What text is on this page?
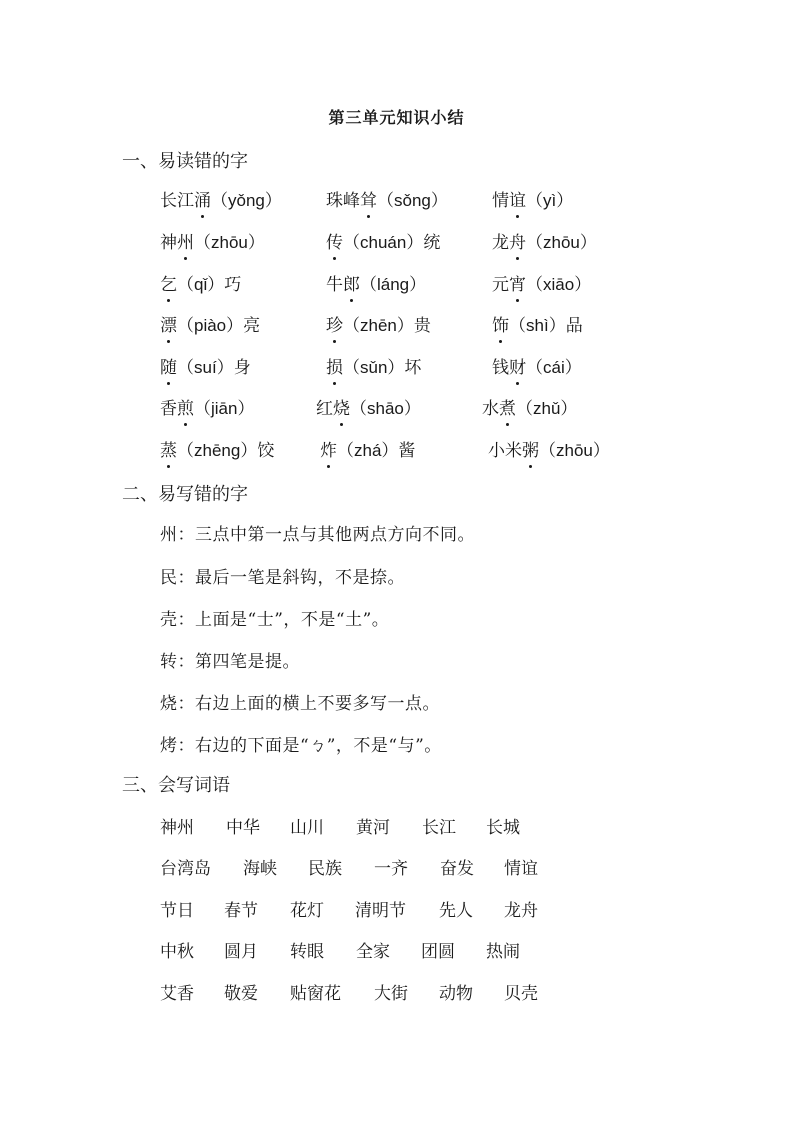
第三单元知识小结
一、易读错的字
长江涌（yǒng）	珠峰耸（sǒng）	情谊（yì）
神州（zhōu）	传（chuán）统	龙舟（zhōu）
乞（qǐ）巧	牛郎（láng）	元宵（xiāo）
漂（piào）亮	珍（zhēn）贵	饰（shì）品
随（suí）身	损（sǔn）坏	钱财（cái）
香煎（jiān）	红烧（shāo）	水煮（zhǔ）
蒸（zhēng）饺	炸（zhá）酱	小米粥（zhōu）
二、易写错的字
州：三点中第一点与其他两点方向不同。
民：最后一笔是斜钩，不是捺。
壳：上面是“士”，不是“土”。
转：第四笔是提。
烧：右边上面的横上不要多写一点。
烤：右边的下面是“ㄅ”，不是“与”。
三、会写词语
神州 中华 山川 黄河 长江 长城
台湾岛 海峡 民族 一齐 奋发 情谊
节日 春节 花灯 清明节 先人 龙舟
中秋 圆月 转眼 全家 团圆 热闹
艾香 敬爱 贴窗花 大街 动物 贝壳
